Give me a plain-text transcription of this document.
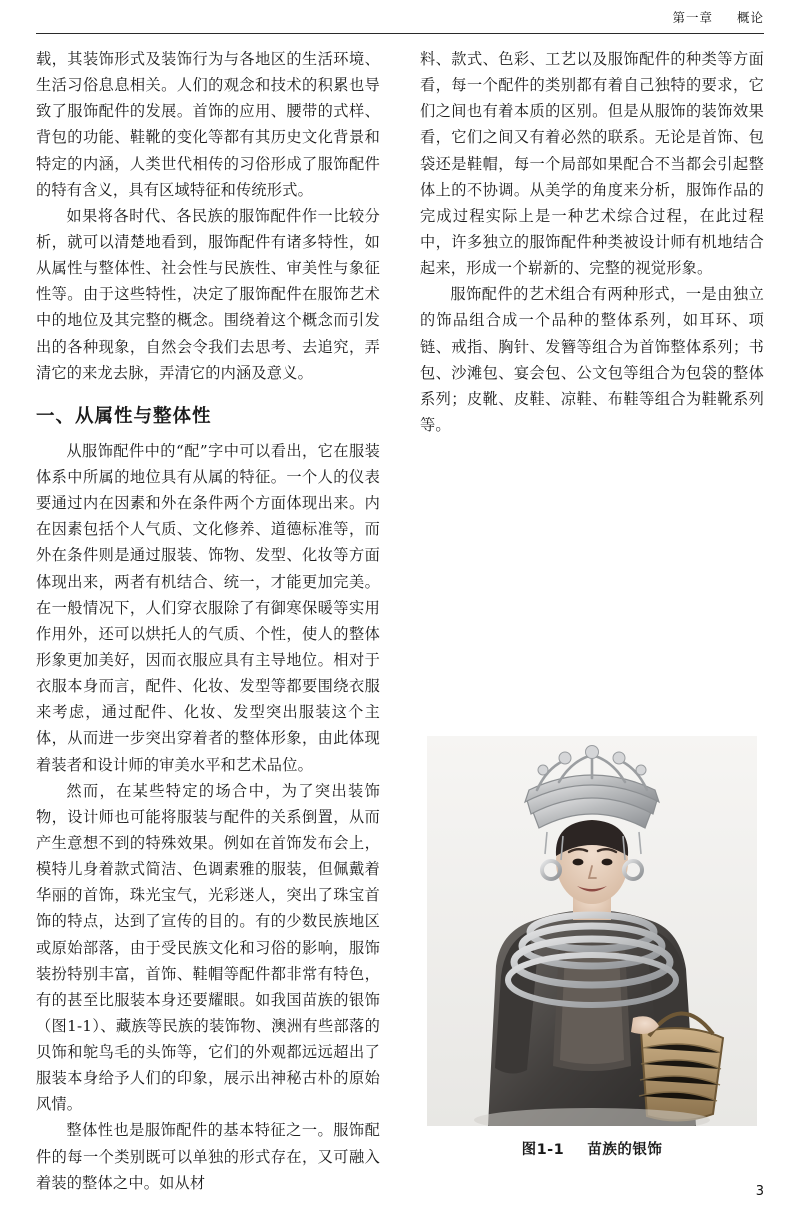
第一章 概论

载，其装饰形式及装饰行为与各地区的生活环境、生活习俗息息相关。人们的观念和技术的积累也导致了服饰配件的发展。首饰的应用、腰带的式样、背包的功能、鞋靴的变化等都有其历史文化背景和特定的内涵，人类世代相传的习俗形成了服饰配件的特有含义，具有区域特征和传统形式。

如果将各时代、各民族的服饰配件作一比较分析，就可以清楚地看到，服饰配件有诸多特性，如从属性与整体性、社会性与民族性、审美性与象征性等。由于这些特性，决定了服饰配件在服饰艺术中的地位及其完整的概念。围绕着这个概念而引发出的各种现象，自然会令我们去思考、去追究，弄清它的来龙去脉，弄清它的内涵及意义。

一、从属性与整体性

从服饰配件中的“配”字中可以看出，它在服装体系中所属的地位具有从属的特征。一个人的仪表要通过内在因素和外在条件两个方面体现出来。内在因素包括个人气质、文化修养、道德标准等，而外在条件则是通过服装、饰物、发型、化妆等方面体现出来，两者有机结合、统一，才能更加完美。在一般情况下，人们穿衣服除了有御寒保暖等实用作用外，还可以烘托人的气质、个性，使人的整体形象更加美好，因而衣服应具有主导地位。相对于衣服本身而言，配件、化妆、发型等都要围绕衣服来考虑，通过配件、化妆、发型突出服装这个主体，从而进一步突出穿着者的整体形象，由此体现着装者和设计师的审美水平和艺术品位。

然而，在某些特定的场合中，为了突出装饰物，设计师也可能将服装与配件的关系倒置，从而产生意想不到的特殊效果。例如在首饰发布会上，模特儿身着款式简洁、色调素雅的服装，但佩戴着华丽的首饰，珠光宝气，光彩迷人，突出了珠宝首饰的特点，达到了宣传的目的。有的少数民族地区或原始部落，由于受民族文化和习俗的影响，服饰装扮特别丰富，首饰、鞋帽等配件都非常有特色，有的甚至比服装本身还要耀眼。如我国苗族的银饰（图1-1）、藏族等民族的装饰物、澳洲有些部落的贝饰和鸵鸟毛的头饰等，它们的外观都远远超出了服装本身给予人们的印象，展示出神秘古朴的原始风情。

整体性也是服饰配件的基本特征之一。服饰配件的每一个类别既可以单独的形式存在，又可融入着装的整体之中。如从材

料、款式、色彩、工艺以及服饰配件的种类等方面看，每一个配件的类别都有着自己独特的要求，它们之间也有着本质的区别。但是从服饰的装饰效果看，它们之间又有着必然的联系。无论是首饰、包袋还是鞋帽，每一个局部如果配合不当都会引起整体上的不协调。从美学的角度来分析，服饰作品的完成过程实际上是一种艺术综合过程，在此过程中，许多独立的服饰配件种类被设计师有机地结合起来，形成一个崭新的、完整的视觉形象。

服饰配件的艺术组合有两种形式，一是由独立的饰品组合成一个品种的整体系列，如耳环、项链、戒指、胸针、发簪等组合为首饰整体系列；书包、沙滩包、宴会包、公文包等组合为包袋的整体系列；皮靴、皮鞋、凉鞋、布鞋等组合为鞋靴系列等。

图1-1 苗族的银饰
3
